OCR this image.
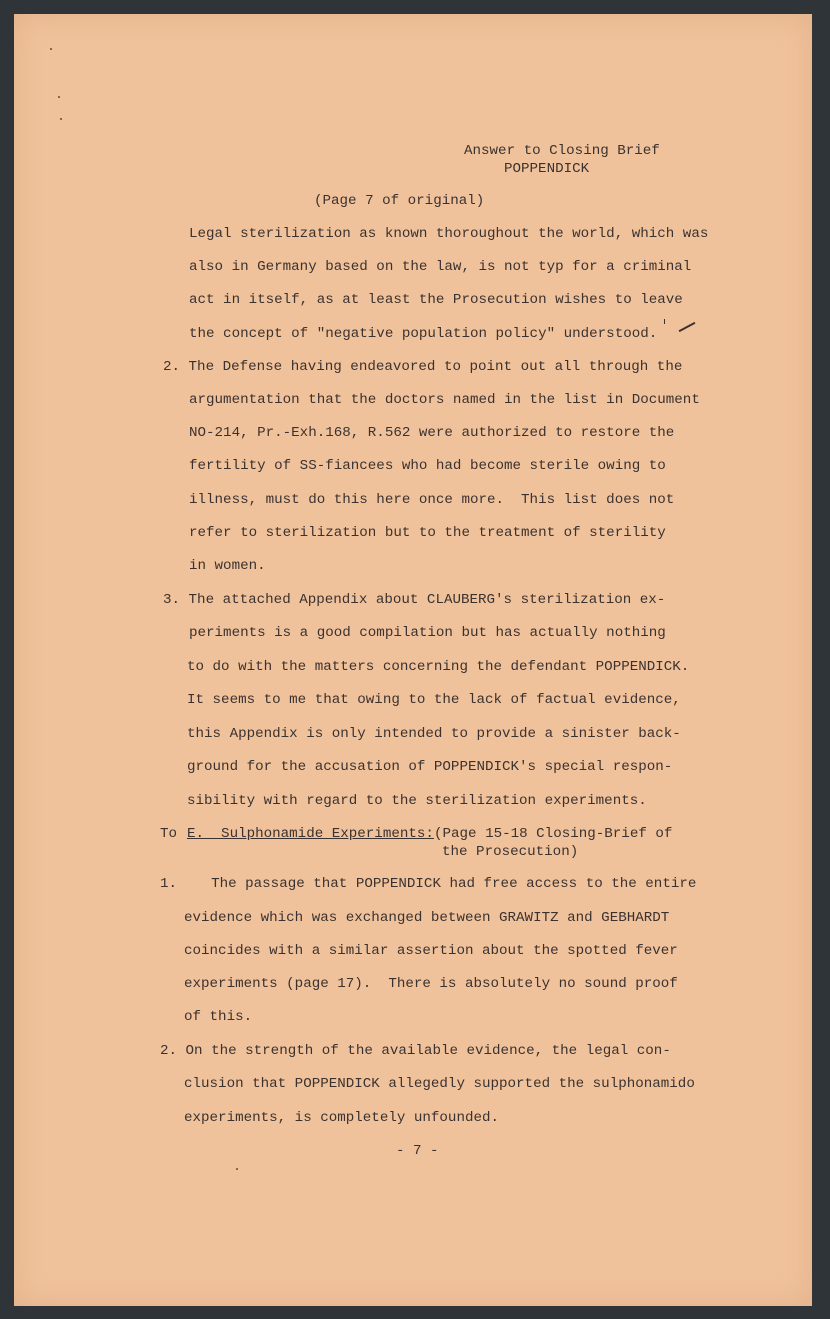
Answer to Closing Brief
POPPENDICK
(Page 7 of original)
Legal sterilization as known thoroughout the world, which was
also in Germany based on the law, is not typ for a criminal
act in itself, as at least the Prosecution wishes to leave
the concept of "negative population policy" understood.
2. The Defense having endeavored to point out all through the
argumentation that the doctors named in the list in Document
NO-214, Pr.-Exh.168, R.562 were authorized to restore the
fertility of SS-fiancees who had become sterile owing to
illness, must do this here once more.  This list does not
refer to sterilization but to the treatment of sterility
in women.
3. The attached Appendix about CLAUBERG's sterilization ex-
periments is a good compilation but has actually nothing
to do with the matters concerning the defendant POPPENDICK.
It seems to me that owing to the lack of factual evidence,
this Appendix is only intended to provide a sinister back-
ground for the accusation of POPPENDICK's special respon-
sibility with regard to the sterilization experiments.
To E.  Sulphonamide Experiments: (Page 15-18 Closing-Brief of
the Prosecution)
1.    The passage that POPPENDICK had free access to the entire
evidence which was exchanged between GRAWITZ and GEBHARDT
coincides with a similar assertion about the spotted fever
experiments (page 17).  There is absolutely no sound proof
of this.
2. On the strength of the available evidence, the legal con-
clusion that POPPENDICK allegedly supported the sulphonamido
experiments, is completely unfounded.
- 7 -
